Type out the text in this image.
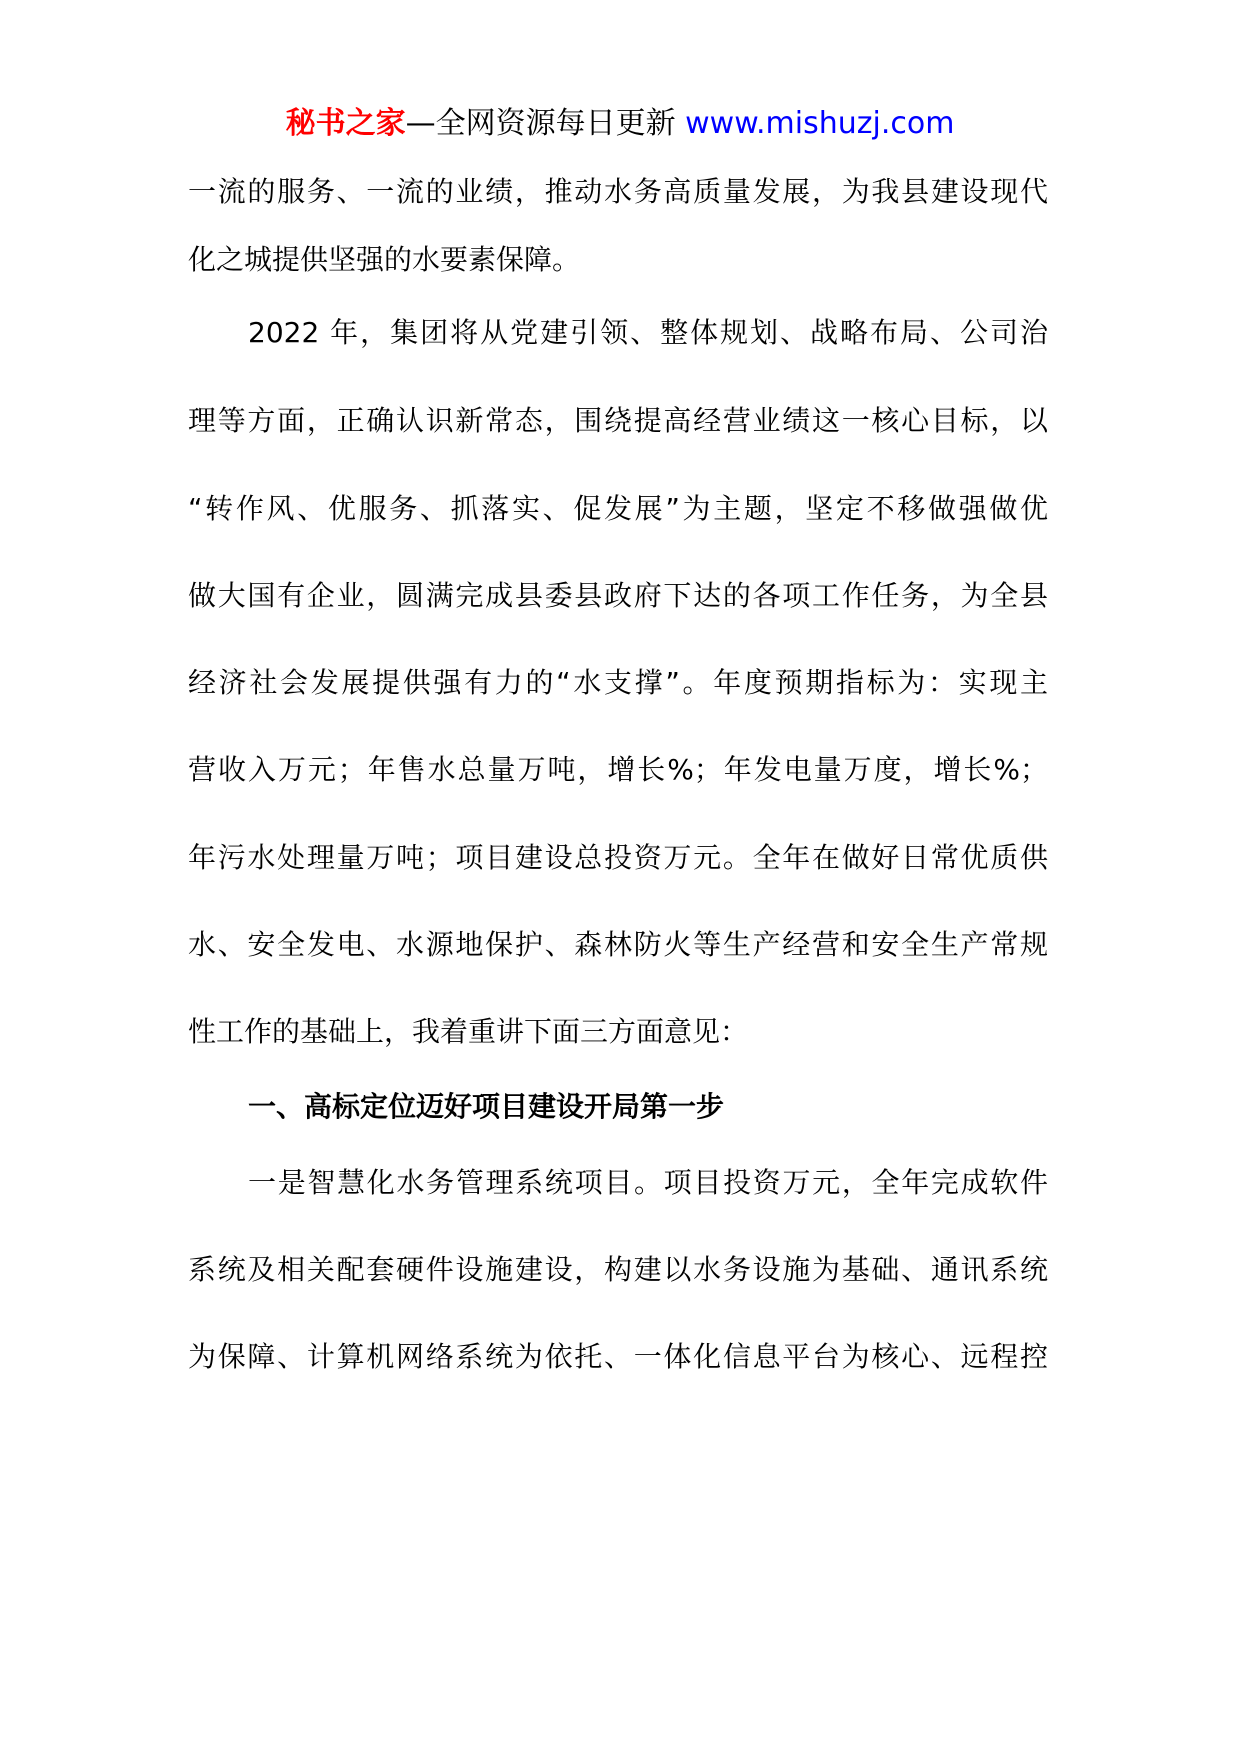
秘书之家—全网资源每日更新 www.mishuzj.com
一流的服务、一流的业绩，推动水务高质量发展，为我县建设现代
化之城提供坚强的水要素保障。
2022 年，集团将从党建引领、整体规划、战略布局、公司治
理等方面，正确认识新常态，围绕提高经营业绩这一核心目标，以
“转作风、优服务、抓落实、促发展”为主题，坚定不移做强做优
做大国有企业，圆满完成县委县政府下达的各项工作任务，为全县
经济社会发展提供强有力的“水支撑”。年度预期指标为：实现主
营收入万元；年售水总量万吨，增长%；年发电量万度，增长%；
年污水处理量万吨；项目建设总投资万元。全年在做好日常优质供
水、安全发电、水源地保护、森林防火等生产经营和安全生产常规
性工作的基础上，我着重讲下面三方面意见：
一、高标定位迈好项目建设开局第一步
一是智慧化水务管理系统项目。项目投资万元，全年完成软件
系统及相关配套硬件设施建设，构建以水务设施为基础、通讯系统
为保障、计算机网络系统为依托、一体化信息平台为核心、远程控
